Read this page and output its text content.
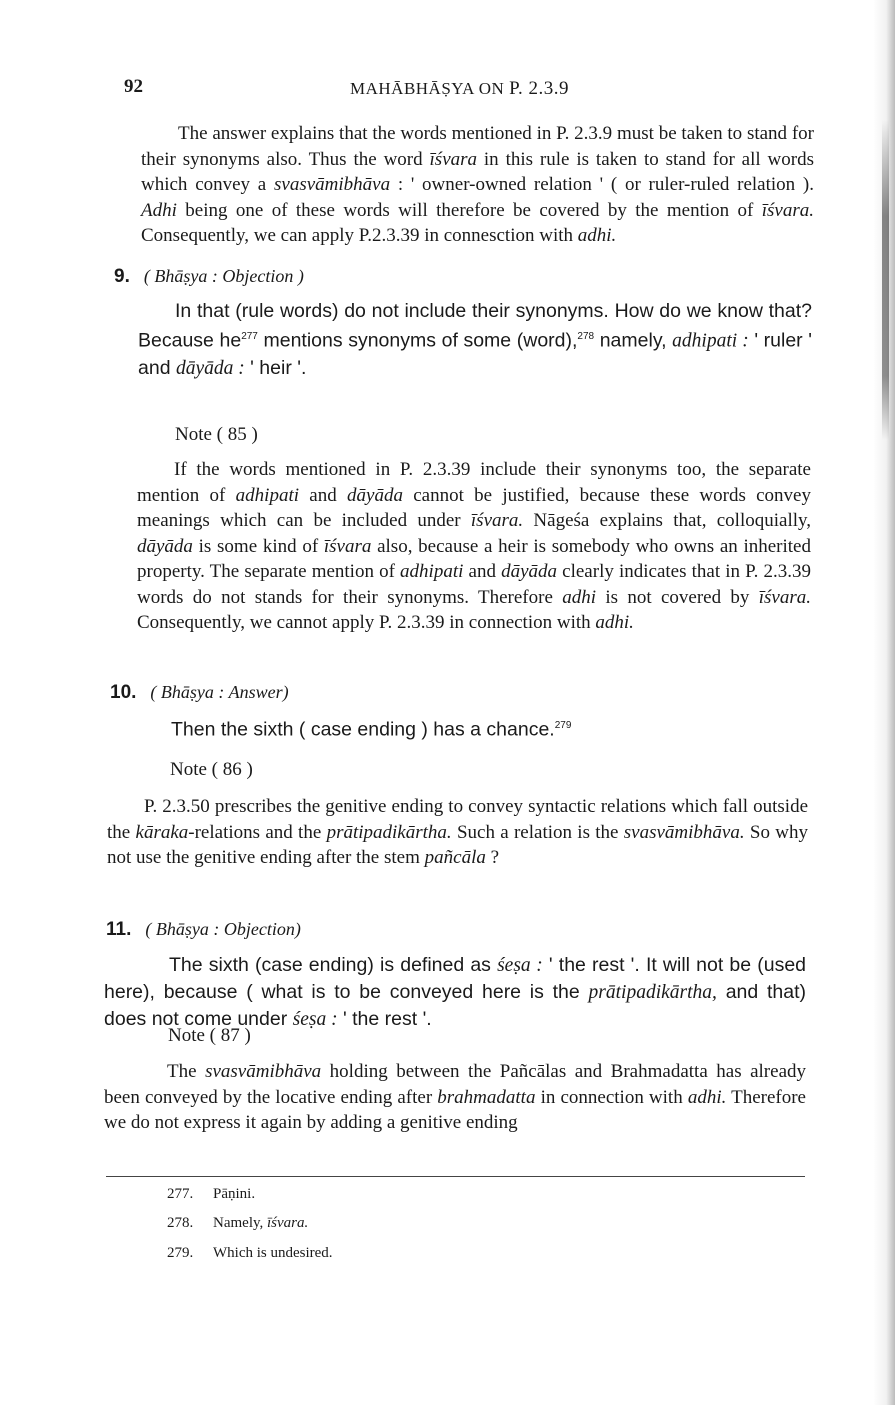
92	MAHĀBHĀṢYA ON P. 2.3.9

The answer explains that the words mentioned in P. 2.3.9 must be taken to stand for their synonyms also. Thus the word īśvara in this rule is taken to stand for all words which convey a svasvāmibhāva : ' owner-owned relation ' ( or ruler-ruled relation ). Adhi being one of these words will therefore be covered by the mention of īśvara. Consequently, we can apply P.2.3.39 in connesction with adhi.

9. ( Bhāṣya : Objection )

In that (rule words) do not include their synonyms. How do we know that? Because $he^{277}$ mentions synonyms of some (word),$^{278}$ namely, adhipati : ' ruler ' and dāyāda : ' heir '.

Note ( 85 )

If the words mentioned in P. 2.3.39 include their synonyms too, the separate mention of adhipati and dāyāda cannot be justified, because these words convey meanings which can be included under īśvara. Nāgeśa explains that, colloquially, dāyāda is some kind of īśvara also, because a heir is somebody who owns an inherited property. The separate mention of adhipati and dāyāda clearly indicates that in P. 2.3.39 words do not stands for their synonyms. Therefore adhi is not covered by īśvara. Consequently, we cannot apply P. 2.3.39 in connection with adhi.

10. ( Bhāṣya : Answer)

Then the sixth ( case ending ) has a chance.$^{279}$

Note ( 86 )

P. 2.3.50 prescribes the genitive ending to convey syntactic relations which fall outside the kāraka-relations and the prātipadikārtha. Such a relation is the svasvāmibhāva. So why not use the genitive ending after the stem pañcāla ?

11. ( Bhāṣya : Objection)

The sixth (case ending) is defined as śeṣa : ' the rest '. It will not be (used here), because ( what is to be conveyed here is the prātipadikārtha, and that) does not come under śeṣa : ' the rest '.

Note ( 87 )

The svasvāmibhāva holding between the Pañcālas and Brahmadatta has already been conveyed by the locative ending after brahmadatta in connection with adhi. Therefore we do not express it again by adding a genitive ending

277. Pāṇini.
278. Namely, īśvara.
279. Which is undesired.
